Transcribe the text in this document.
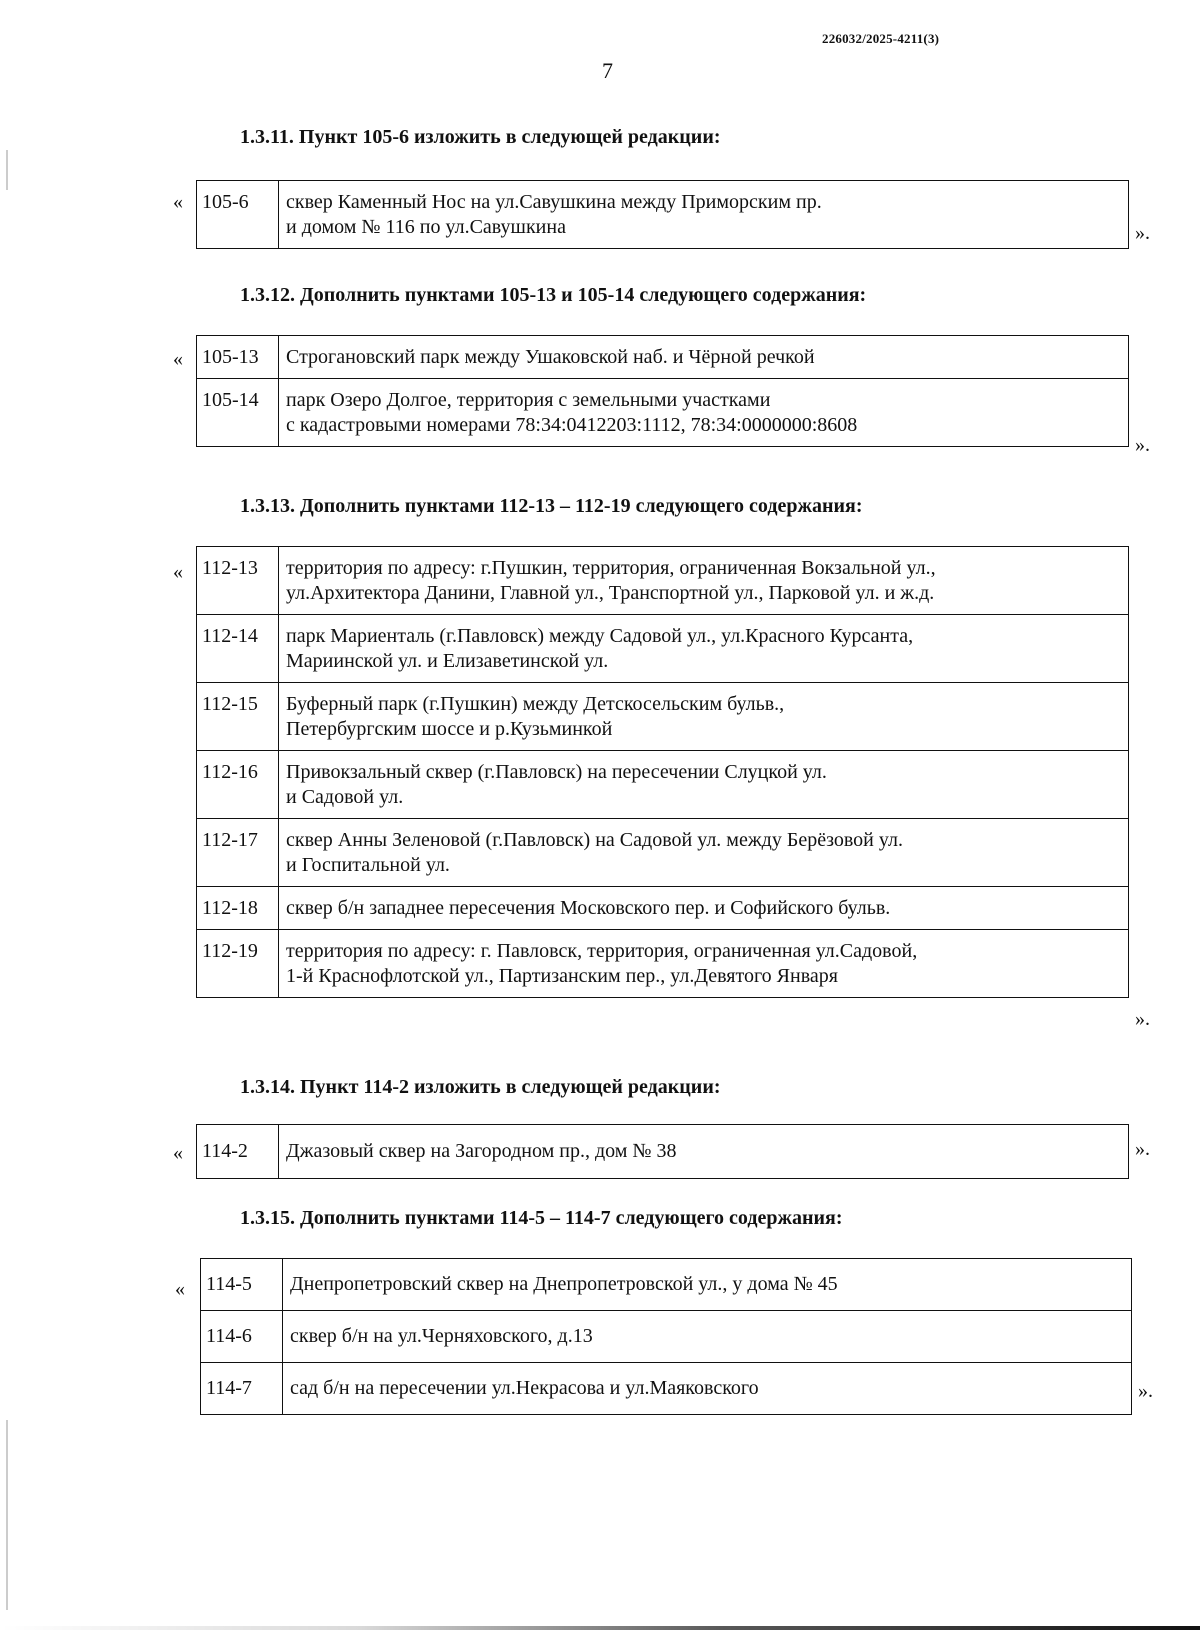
226032/2025-4211(3)
7
1.3.11. Пункт 105-6 изложить в следующей редакции:
« 105-6	сквер Каменный Нос на ул.Савушкина между Приморским пр.
и домом № 116 по ул.Савушкина	».
1.3.12. Дополнить пунктами 105-13 и 105-14 следующего содержания:
« 105-13	Строгановский парк между Ушаковской наб. и Чёрной речкой

105-14	парк Озеро Долгое, территория с земельными участками
с кадастровыми номерами 78:34:0412203:1112, 78:34:0000000:8608
».
1.3.13. Дополнить пунктами 112-13 – 112-19 следующего содержания:
« 112-13	территория по адресу: г.Пушкин, территория, ограниченная Вокзальной ул.,
ул.Архитектора Данини, Главной ул., Транспортной ул., Парковой ул. и ж.д.

112-14	парк Мариенталь (г.Павловск) между Садовой ул., ул.Красного Курсанта,
Мариинской ул. и Елизаветинской ул.

112-15	Буферный парк (г.Пушкин) между Детскосельским бульв.,
Петербургским шоссе и р.Кузьминкой

112-16	Привокзальный сквер (г.Павловск) на пересечении Слуцкой ул.
и Садовой ул.

112-17	сквер Анны Зеленовой (г.Павловск) на Садовой ул. между Берёзовой ул.
и Госпитальной ул.

112-18	сквер б/н западнее пересечения Московского пер. и Софийского бульв.

112-19	территория по адресу: г. Павловск, территория, ограниченная ул.Садовой,
1-й Краснофлотской ул., Партизанским пер., ул.Девятого Января
».
1.3.14. Пункт 114-2 изложить в следующей редакции:
« 114-2	Джазовый сквер на Загородном пр., дом № 38	».
1.3.15. Дополнить пунктами 114-5 – 114-7 следующего содержания:
« 114-5	Днепропетровский сквер на Днепропетровской ул., у дома № 45

114-6	сквер б/н на ул.Черняховского, д.13

114-7	сад б/н на пересечении ул.Некрасова и ул.Маяковского	».
